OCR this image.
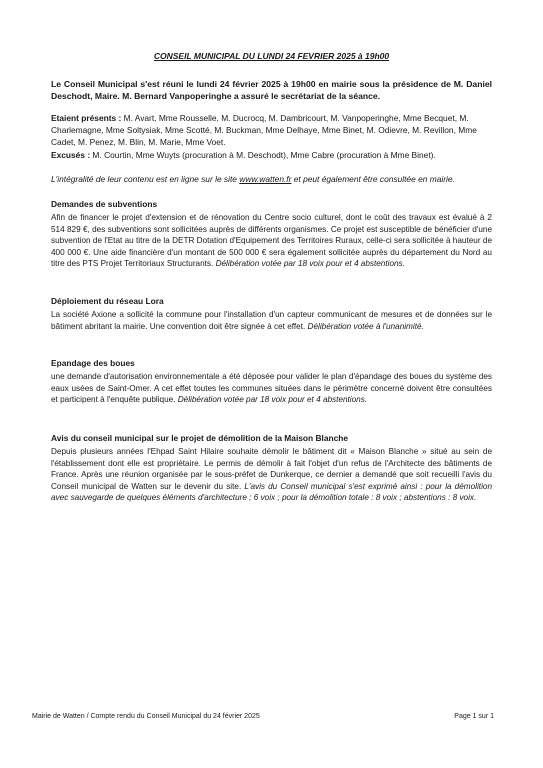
CONSEIL MUNICIPAL DU LUNDI 24 FEVRIER 2025 à 19h00
Le Conseil Municipal s'est réuni le lundi 24 février 2025 à 19h00 en mairie sous la présidence de M. Daniel Deschodt, Maire. M. Bernard Vanpoperinghe a assuré le secrétariat de la séance.
Etaient présents : M. Avart, Mme Rousselle, M. Ducrocq, M. Dambricourt, M. Vanpoperinghe, Mme Becquet, M. Charlemagne, Mme Soltysiak, Mme Scotté, M. Buckman, Mme Delhaye, Mme Binet, M. Odievre, M. Revillon, Mme Cadet, M. Penez, M. Blin, M. Marie, Mme Voet.
Excusés : M. Courtin, Mme Wuyts (procuration à M. Deschodt), Mme Cabre (procuration à Mme Binet).
L'intégralité de leur contenu est en ligne sur le site www.watten.fr et peut également être consultée en mairie.
Demandes de subventions

Afin de financer le projet d'extension et de rénovation du Centre socio culturel, dont le coût des travaux est évalué à 2 514 829 €, des subventions sont sollicitées auprès de différents organismes. Ce projet est susceptible de bénéficier d'une subvention de l'Etat au titre de la DETR Dotation d'Equipement des Territoires Ruraux, celle-ci sera sollicitée à hauteur de 400 000 €. Une aide financière d'un montant de 500 000 € sera également sollicitée auprès du département du Nord au titre des PTS Projet Territoriaux Structurants. Délibération votée par 18 voix pour et 4 abstentions.

Déploiement du réseau Lora

La société Axione a sollicité la commune pour l'installation d'un capteur communicant de mesures et de données sur le bâtiment abritant la mairie. Une convention doit être signée à cet effet. Délibération votée à l'unanimité.

Epandage des boues

une demande d'autorisation environnementale a été déposée pour valider le plan d'épandage des boues du système des eaux usées de Saint-Omer. A cet effet toutes les communes situées dans le périmètre concerné doivent être consultées et participent à l'enquête publique. Délibération votée par 18 voix pour et 4 abstentions.

Avis du conseil municipal sur le projet de démolition de la Maison Blanche

Depuis plusieurs années l'Ehpad Saint Hilaire souhaite démolir le bâtiment dit « Maison Blanche » situé au sein de l'établissement dont elle est propriétaire. Le permis de démolir à fait l'objet d'un refus de l'Architecte des bâtiments de France. Après une réunion organisée par le sous-préfet de Dunkerque, ce dernier a demandé que soit recueilli l'avis du Conseil municipal de Watten sur le devenir du site. L'avis du Conseil municipal s'est exprimé ainsi : pour la démolition avec sauvegarde de quelques éléments d'architecture ; 6 voix ; pour la démolition totale : 8 voix ; abstentions : 8 voix.

Mairie de Watten / Compte rendu du Conseil Municipal du 24 février 2025	Page 1 sur 1
